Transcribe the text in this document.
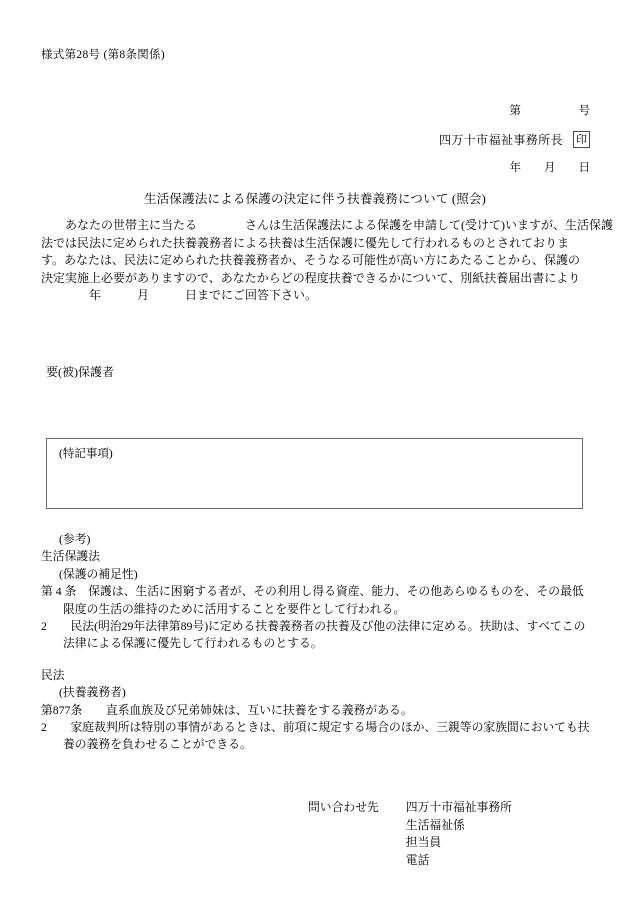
様式第28号 (第8条関係)

第　　　　　号

年　　月　　日

四万十市福祉事務所長 印
生活保護法による保護の決定に伴う扶養義務について (照会)
　　あなたの世帯主に当たる　　　　さんは生活保護法による保護を申請して(受けて)いますが、生活保護
法では民法に定められた扶養義務者による扶養は生活保護に優先して行われるものとされておりま
す。あなたは、民法に定められた扶養義務者か、そうなる可能性が高い方にあたることから、保護の
決定実施上必要がありますので、あなたからどの程度扶養できるかについて、別紙扶養届出書により
　　　　年　　　月　　　日までにご回答下さい。
要(被)保護者
(特記事項)
(参考)
生活保護法
(保護の補足性)
第 4 条　保護は、生活に困窮する者が、その利用し得る資産、能力、その他あらゆるものを、その最低限度の生活の維持のために活用することを要件として行われる。
2　　民法(明治29年法律第89号)に定める扶養義務者の扶養及び他の法律に定める。扶助は、すべてこの法律による保護に優先して行われるものとする。
民法
(扶養義務者)
第877条　　直系血族及び兄弟姉妹は、互いに扶養をする義務がある。
2　　家庭裁判所は特別の事情があるときは、前項に規定する場合のほか、三親等の家族間においても扶養の義務を負わせることができる。
問い合わせ先 四万十市福祉事務所
生活福祉係
担当員
電話
